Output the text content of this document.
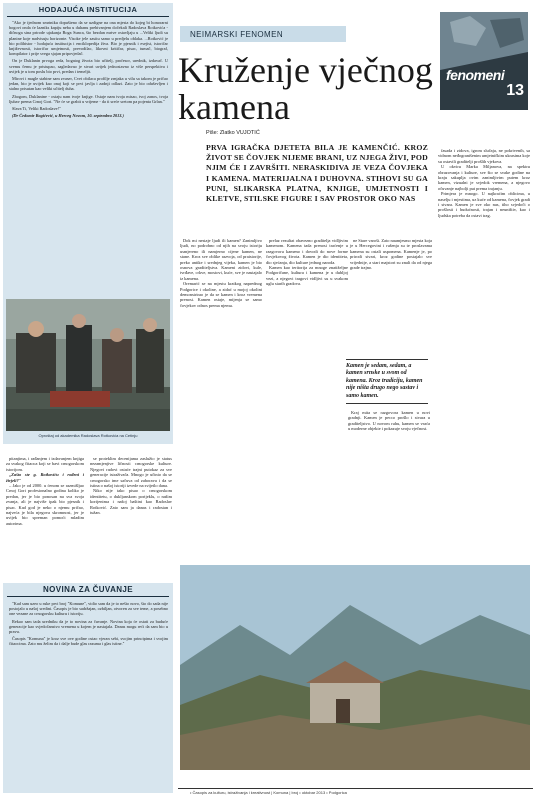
HODAJUĆA INSTITUCIJA

"Ako je ijednom smrtniku dopušteno da se uzdigne na ona mjesta do kojeg bi honorarni bogovi onda će lazniks kapiju neba u duhanu prebivanjem dočekali Radoslava Rotkovića - dičnoga sina prirode ujakanja Boga Sunca, što bezdan mrtve ostavljaju u ...Veliki ljudi su planine koje nadvisuju horizonte. Visoke jele zasitu samo u predjelu oblaka. ...Rotković je bio polihistor - hodajuća institucija i enciklopedija živa. Bio je pjesnik i esejist, istoričar književnosti, istoričar umjetnosti, prevodilac, likovni kritičar, pisac, tumač, biograf, kompilator i prije svega sjajan pripovjedač.

On je Duklanin prvoga reda, bogatog života bio učitelj, profesor, urednik, izdavač. U svemu čemu je pristupao, sagledavao je stvari uvijek jednostavno iz više perspektiva i uvijek je u tom poslu bio prvi, predan i temeljit.

Mirovi i magle stabine sam zvaser, Cvet obilaca profilje zrnjaka u vilu sa takom je pričao jedan, bio je uvijek kao onaj koji se prvi javlja i zadnji odlazi. Zato je bio oduševljen i stalno prisutan kao veliki učitelj duha.

Zbogom, Duklanine - ostaju nam tvoje knjige. Ostaje nam tvoja misao, tvoj zanos, tvoja ljubav prema Crnoj Gori. "Ne će se grabit u vrijeme - da ti sreće sretom pa pojenta Grlan."

Slava Ti, Veliki Radoslave!"

(Dr Čedomir Bogićević, u Herceg Novom, 10. septembra 2013.)

Oproštaj od akademika Radoslava Rotkovića na Cetinju

pitanjima, i rađanjem i izdavanjem knjiga za svakog čitaoca koji se bavi crnogorskom istorijom.

„Zašto ste g. Rotkoviću i rođeni i živjeli?"

– Jako je od 2000. u ćenom se razmišljao Crnoj Gori profesionalno godina koliko je predan, jer je bio ponosan na sva svoja zvanja, ali je najviše ipak bio pjesnik i pisac. Kad god je neko o njemu pričao, najveća je bila njegova skromnost, jer je uvijek bio spreman pomoći mladim autorima.

se proteklim decenijama zaslužio je status nezamjenjive ličnosti crnogorske kulture. Njegovi radovi ostaće trajni putokaz za sve generacije istraživača. Mnogo je učinio da se crnogorsko ime sačuva od zaborava i da se istina o našoj istoriji izvede na svijetlo dana.

Niko nije tako pisao o crnogorskom identitetu, o dukljanskom porijeklu, o našim korijenima i našoj baštini kao Radoslav Rotković. Zato sam ja danas i radostan i tužan.

NOVINA ZA ČUVANJE

"Kad sam uzeo u ruke prvi broj "Komune", vidio sam da je to nešto novo, što do sada nije postojalo u našoj sredini. Časopis je bio sadržajan, ozbiljan, otvoren za sve teme, a posebno one vezane za crnogorsku kulturu i istoriju.

Rekao sam tada uredniku da je to novina za čuvanje. Novina koja će ostati za buduće generacije kao svjedočanstvo vremena u kojem je nastajala. Danas mogu reći da sam bio u pravu.

Časopis "Komuna" je kroz sve ove godine ostao vjeran sebi, svojim principima i svojim čitaocima. Zato mu želim da i dalje bude glas razuma i glas istine."

NEIMARSKI FENOMEN
fenomeni
13
Kruženje vječnog kamena
Piše: Zlatko VUJOTIĆ
PRVA IGRAČKA DJETETA BILA JE KAMENČIĆ. KROZ ŽIVOT SE ČOVJEK NIJEME BRANI, UZ NJEGA ŽIVI, POD NJIM ĆE I ZAVRŠITI. NERASKIDIVA JE VEZA ČOVJEKA I KAMENA. MATERIJALNA I DUHOVNA. STIHOVI SU GA PUNI, SLIKARSKA PLATNA, KNJIGE, UMJETNOSTI I KLETVE, STILSKE FIGURE I SAV PROSTOR OKO NAS

fasada i zidova, igrom slučaja, ne pokrivenih, sa vidnom neđogranišenim umjetničkim ukrasima koje su ostavili graditelji prošlih vjekova.

U okviru Marka Miljanova, na spektru obrazovanja i kulture, sve što se svake godine na kraju sakuplja ovim zanimljivim putem kroz kamen, vizualni je svjedok vremena, a njegovo očuvanje najbolji put prema trajanju.

Primjera je mnogo. U najkraćim oblicima, u naselju i mjestima, uz kuće od kamena, čovjek gradi i stvara. Kamen je sve oko nas, tiho svjedoči o prošlosti i budućnosti, trajan i neuništiv, kao i ljudska potreba da ostavi trag.

Dok mi nestaje ljudi ili kamen? Zanimljivo ljudi, no podrobno od njih na svoju istoriju usmjereno ili namjerno cijene kamen, ne stane. Kroz sve oblike razvoja, od praistorije, preko antike i srednjeg vijeka, kamen je bio osnova graditeljstva. Kameni zidovi, kule, tvrđave, crkve, mostovi, kuće, sve je nastajalo iz kamena.

Oremarić se na mjestu kratkog naprednog Podgorice i okoline, a zidać u mojoj okolini demonstrirao je da se kamen i kroz vremena prenosi. Kamen ostaje, mijenja se samo čovjekov odnos prema njemu.

prelaz rezultat obavezno graditelja vidljivim kamenom. Kamena tada prenosi traćenje u razgovoru kameno i dovodi do nove forme čovjekovog života. Kamen je dio identiteta, dio sjećanja, dio kulture jednog naroda.

Kamen kao teritorija za mnoge znatiželjne Podgoričane, kultura i kamena je u dubljoj vezi, a njegovi tragovi vidljivi su u svakom uglu starih gradova.

ne Stare varoši. Zato naumjesmo mjesta koja je u Hercegovini i rušenja su te proslavama kamena su ostali uspomena. Kamenje je, po prirodi stvari, kroz godine postajalo sve vrijednije, a stari majstori su znali da od njega grade trajno.

Kamen je sedam, sedam, a kamen srnske u svom od kamena. Kroz tradiciju, kamen nije ništa drugo nego sastav i samo kamen.

Kraj mita se razgovora kamen u novi gradnji. Kamen je pecco prošlo i stvara u graditeljstvo. U novom ruhu, kamen se vraća u moderne objekte i pokazuje svoju vječnost.

• Časopis za kulturu, istraživanja i kreativnost | Komuna | broj • oktobar 2013 • Podgorica
